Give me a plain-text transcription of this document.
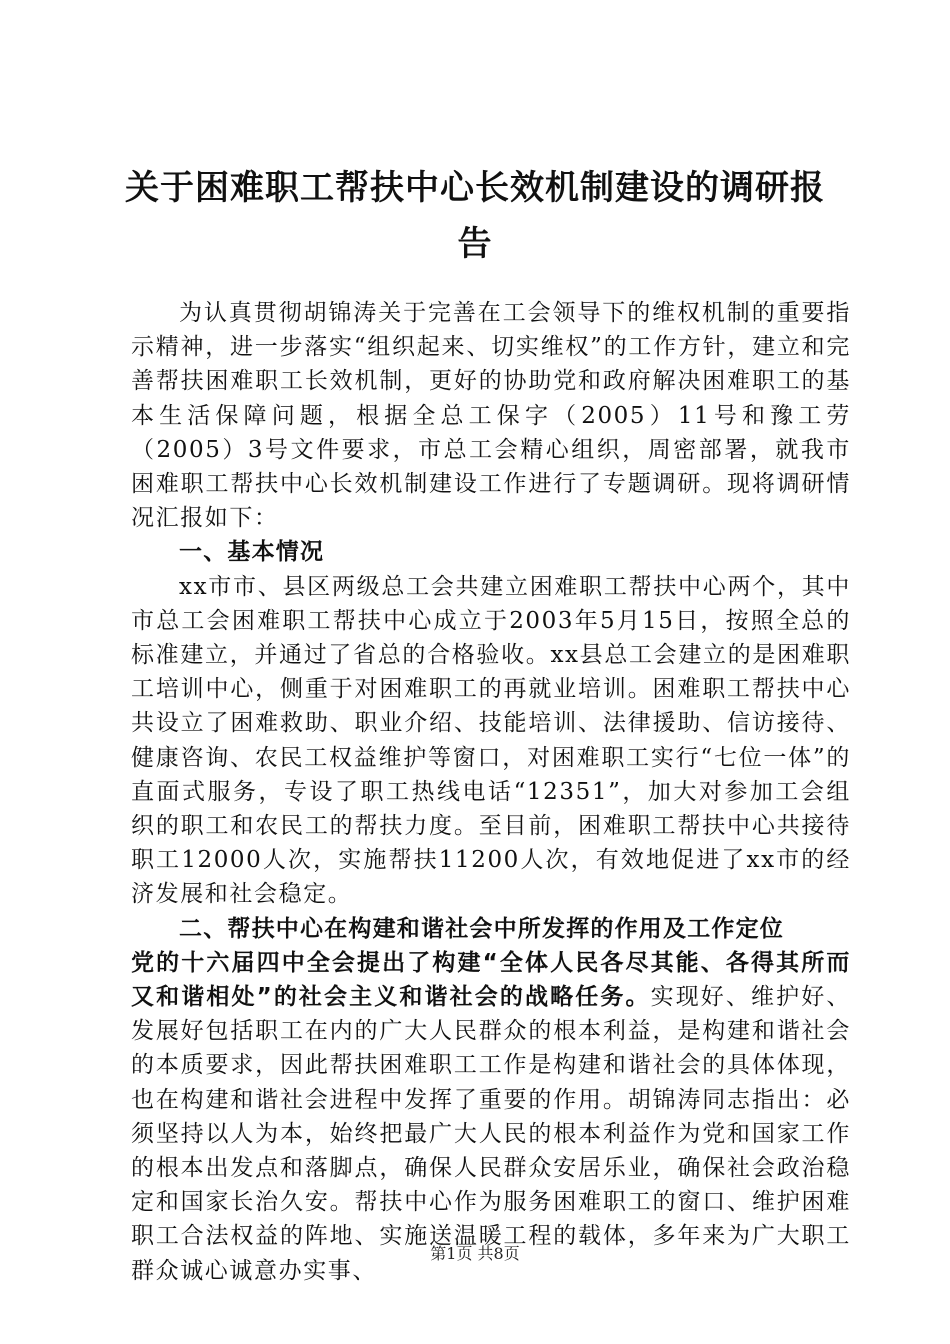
关于困难职工帮扶中心长效机制建设的调研报告

为认真贯彻胡锦涛关于完善在工会领导下的维权机制的重要指示精神，进一步落实“组织起来、切实维权”的工作方针，建立和完善帮扶困难职工长效机制，更好的协助党和政府解决困难职工的基本生活保障问题，根据全总工保字（2005）11号和豫工劳（2005）3号文件要求，市总工会精心组织，周密部署，就我市困难职工帮扶中心长效机制建设工作进行了专题调研。现将调研情况汇报如下：

一、基本情况

xx市市、县区两级总工会共建立困难职工帮扶中心两个，其中市总工会困难职工帮扶中心成立于2003年5月15日，按照全总的标准建立，并通过了省总的合格验收。xx县总工会建立的是困难职工培训中心，侧重于对困难职工的再就业培训。困难职工帮扶中心共设立了困难救助、职业介绍、技能培训、法律援助、信访接待、健康咨询、农民工权益维护等窗口，对困难职工实行“七位一体”的直面式服务，专设了职工热线电话“12351”，加大对参加工会组织的职工和农民工的帮扶力度。至目前，困难职工帮扶中心共接待职工12000人次，实施帮扶11200人次，有效地促进了xx市的经济发展和社会稳定。

二、帮扶中心在构建和谐社会中所发挥的作用及工作定位

党的十六届四中全会提出了构建“全体人民各尽其能、各得其所而又和谐相处”的社会主义和谐社会的战略任务。实现好、维护好、发展好包括职工在内的广大人民群众的根本利益，是构建和谐社会的本质要求，因此帮扶困难职工工作是构建和谐社会的具体体现，也在构建和谐社会进程中发挥了重要的作用。胡锦涛同志指出：必须坚持以人为本，始终把最广大人民的根本利益作为党和国家工作的根本出发点和落脚点，确保人民群众安居乐业，确保社会政治稳定和国家长治久安。帮扶中心作为服务困难职工的窗口、维护困难职工合法权益的阵地、实施送温暖工程的载体，多年来为广大职工群众诚心诚意办实事、

第1页 共8页
